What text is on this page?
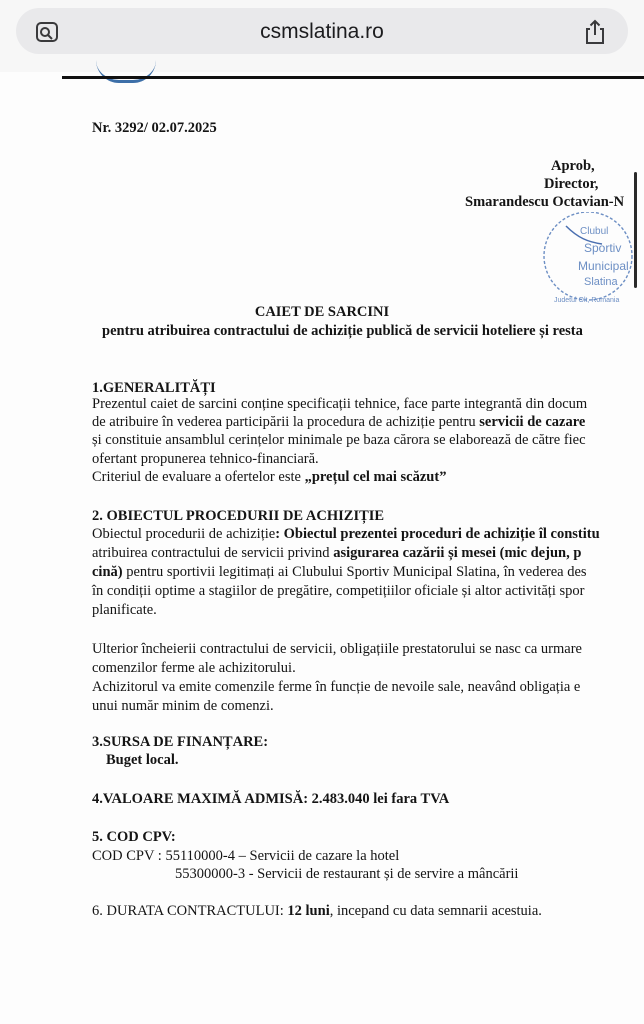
csmslatina.ro
Nr. 3292/ 02.07.2025
Aprob,
Director,
Smarandescu Octavian-N
Clubul
Sportiv
Municipal
Slatina
Judetul Olt, Romania
CAIET DE SARCINI
pentru atribuirea contractului de achiziție publică de servicii hoteliere și resta
1.GENERALITĂȚI
Prezentul caiet de sarcini conține specificații tehnice, face parte integrantă din docum
de atribuire în vederea participării la procedura de achiziție pentru servicii de cazare
și constituie ansamblul cerințelor minimale pe baza cărora se elaborează de către fiec
ofertant propunerea tehnico-financiară.
Criteriul de evaluare a ofertelor este „prețul cel mai scăzut”
2. OBIECTUL PROCEDURII DE ACHIZIȚIE
Obiectul procedurii de achiziție: Obiectul prezentei proceduri de achiziție îl constitu
atribuirea contractului de servicii privind asigurarea cazării și mesei (mic dejun, p
cină) pentru sportivii legitimați ai Clubului Sportiv Municipal Slatina, în vederea des
în condiții optime a stagiilor de pregătire, competițiilor oficiale și altor activități spor
planificate.
Ulterior încheierii contractului de servicii, obligațiile prestatorului se nasc ca urmare
comenzilor ferme ale achizitorului.
Achizitorul va emite comenzile ferme în funcție de nevoile sale, neavând obligația e
unui număr minim de comenzi.
3.SURSA DE FINANȚARE:
Buget local.
4.VALOARE MAXIMĂ ADMISĂ: 2.483.040 lei fara TVA
5. COD CPV:
COD CPV : 55110000-4 – Servicii de cazare la hotel
55300000-3 - Servicii de restaurant și de servire a mâncării
6. DURATA CONTRACTULUI: 12 luni, incepand cu data semnarii acestuia.
